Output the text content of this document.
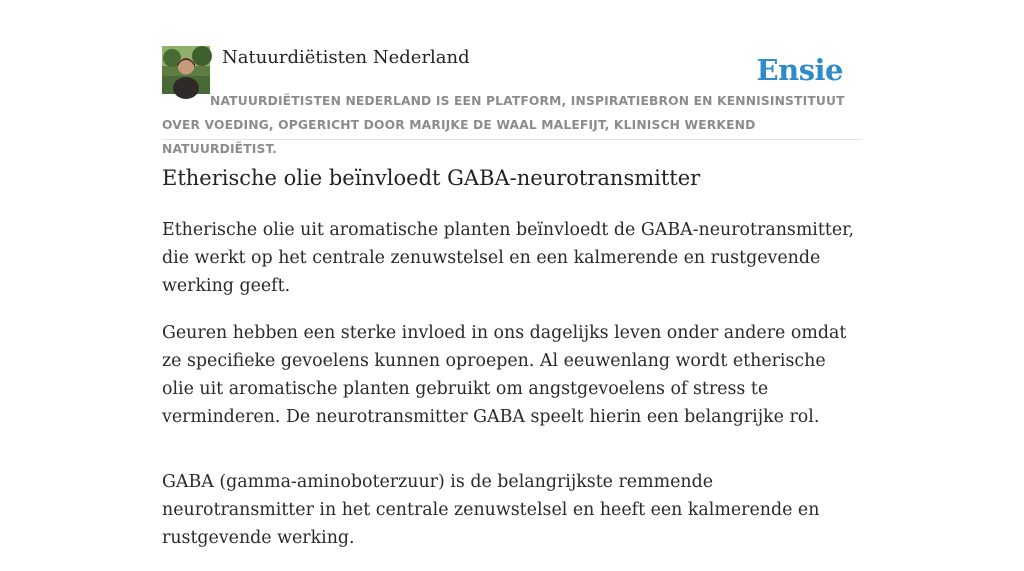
Natuurdiëtisten Nederland	Ensie
NATUURDIËTISTEN NEDERLAND IS EEN PLATFORM, INSPIRATIEBRON EN KENNISINSTITUUT OVER VOEDING, OPGERICHT DOOR MARIJKE DE WAAL MALEFIJT, KLINISCH WERKEND NATUURDIËTIST.
Etherische olie beïnvloedt GABA-neurotransmitter

Etherische olie uit aromatische planten beïnvloedt de GABA-neurotransmitter, die werkt op het centrale zenuwstelsel en een kalmerende en rustgevende werking geeft.

Geuren hebben een sterke invloed in ons dagelijks leven onder andere omdat ze specifieke gevoelens kunnen oproepen. Al eeuwenlang wordt etherische olie uit aromatische planten gebruikt om angstgevoelens of stress te verminderen. De neurotransmitter GABA speelt hierin een belangrijke rol.

GABA (gamma-aminoboterzuur) is de belangrijkste remmende neurotransmitter in het centrale zenuwstelsel en heeft een kalmerende en rustgevende werking.
